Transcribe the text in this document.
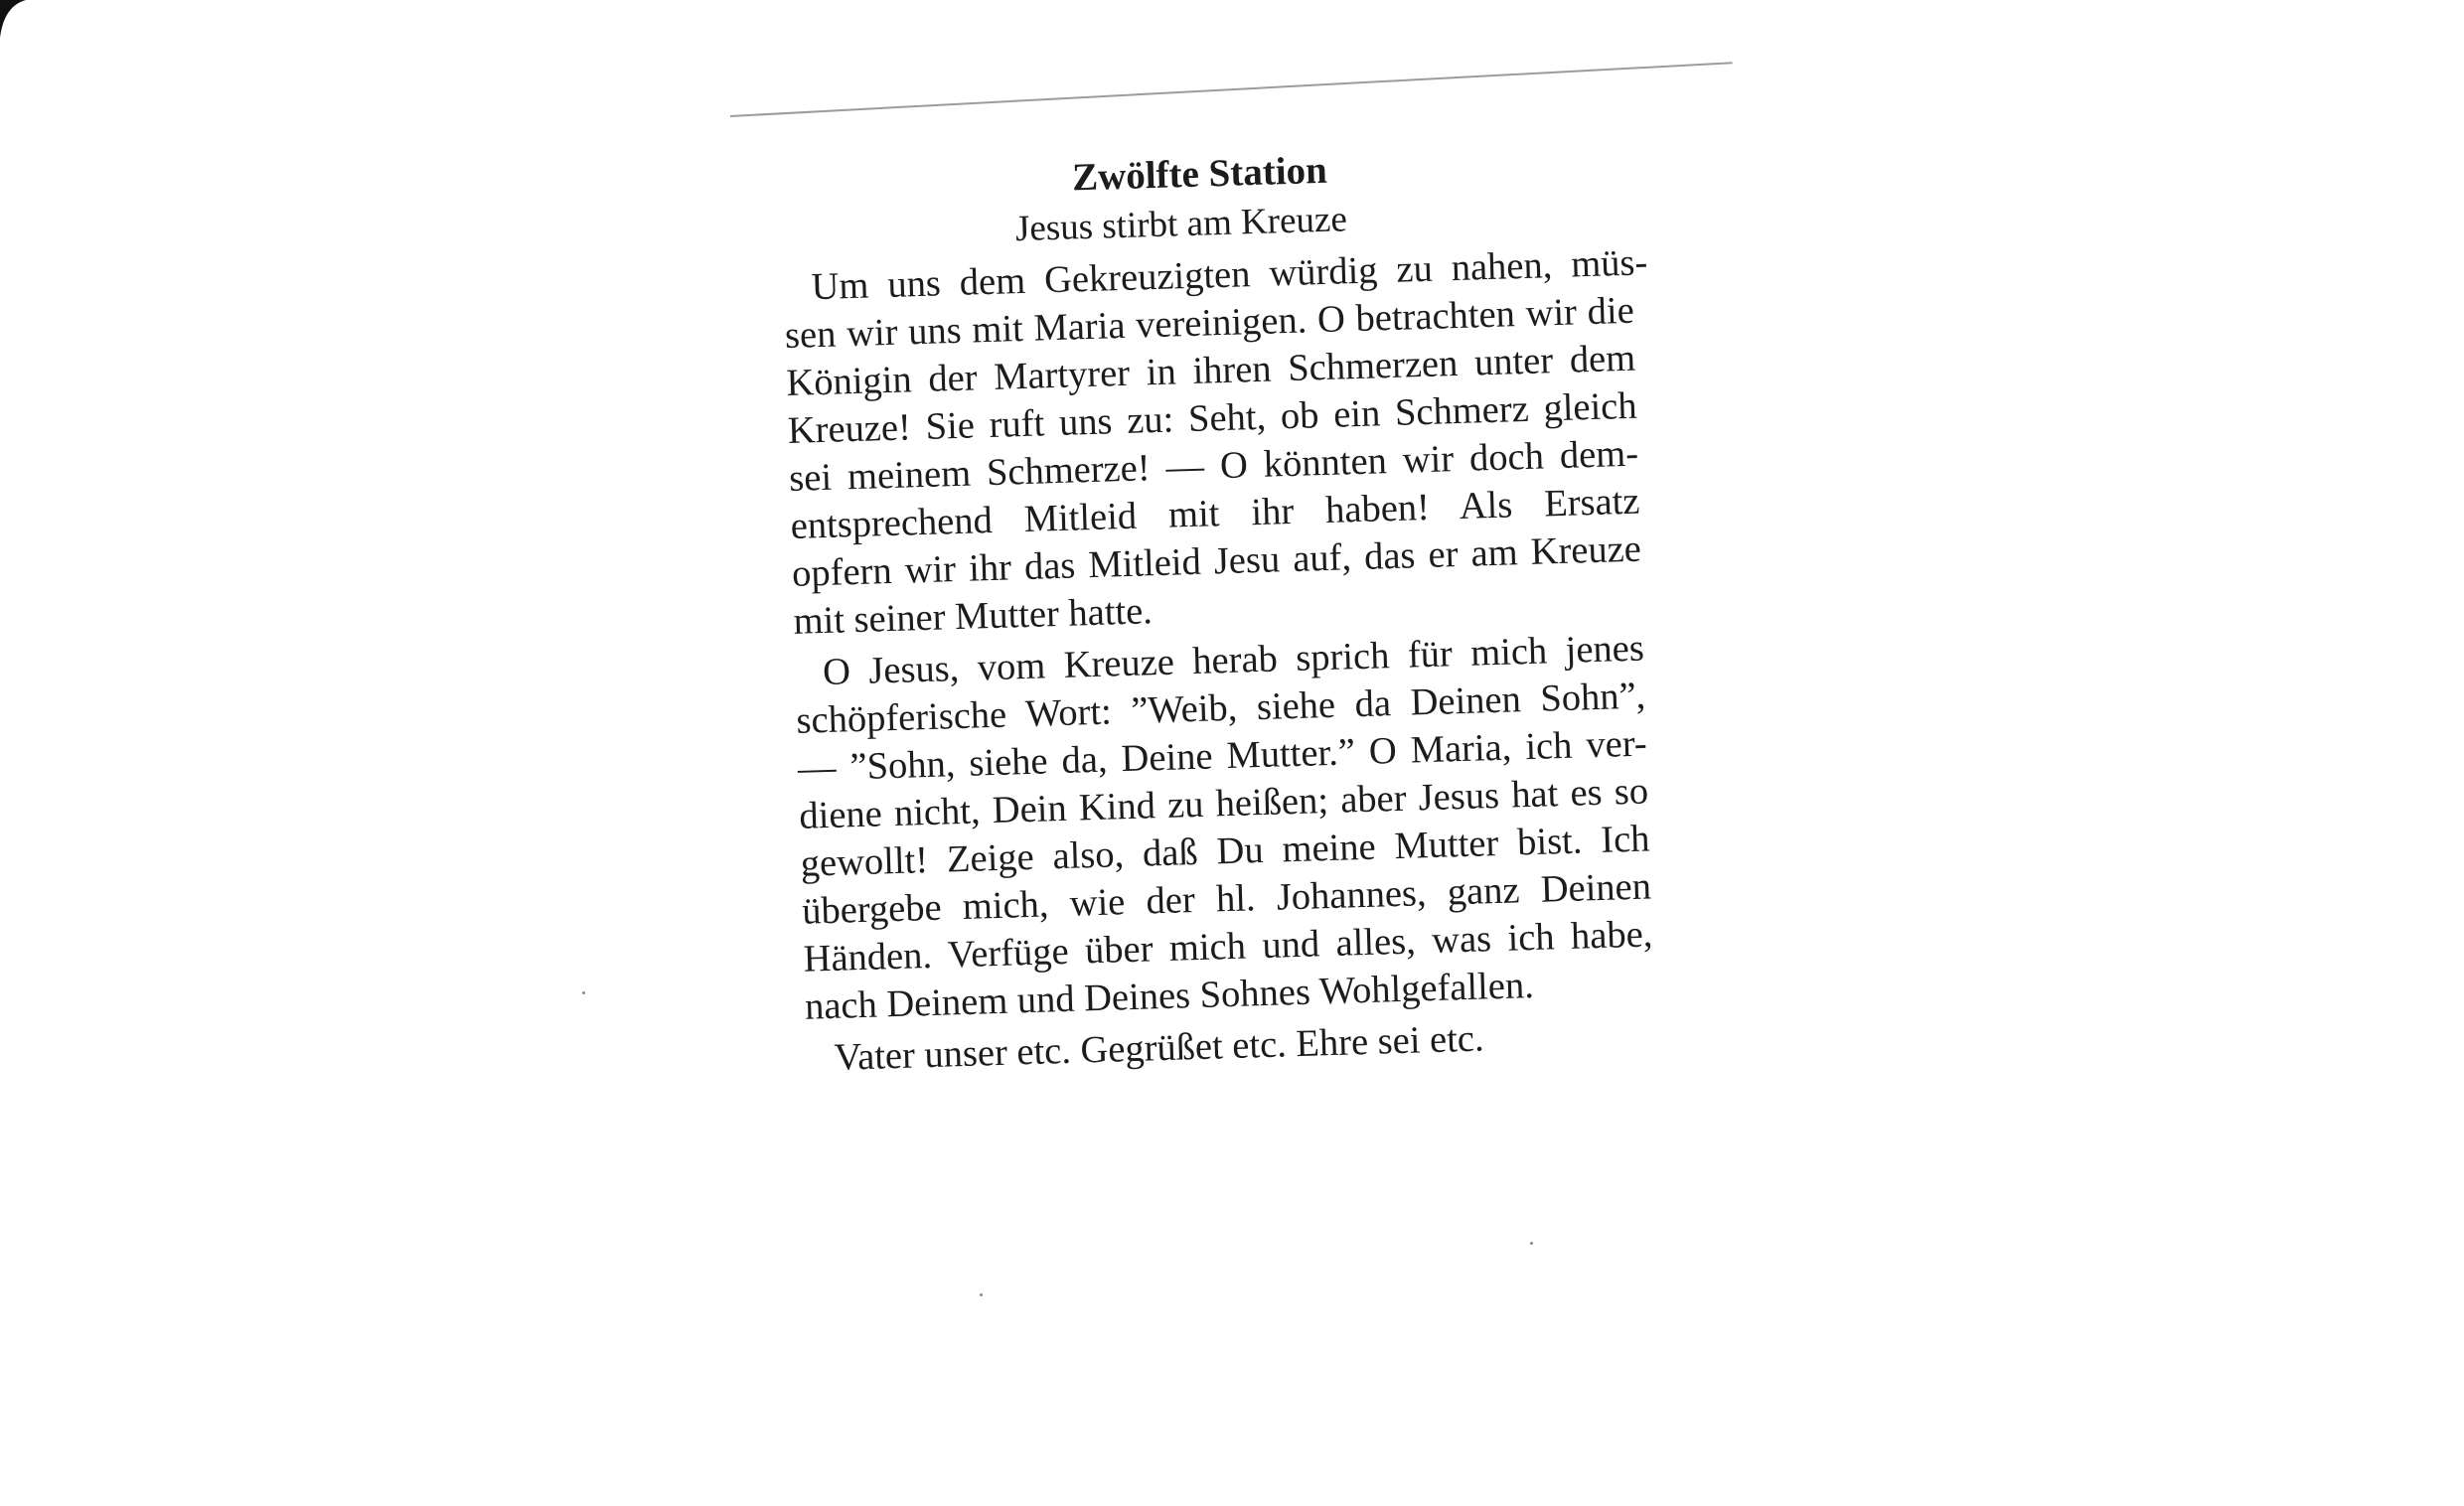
Zwölfte Station
Jesus stirbt am Kreuze
Um uns dem Gekreuzigten würdig zu nahen, müs-
sen wir uns mit Maria vereinigen. O betrachten wir die
Königin der Martyrer in ihren Schmerzen unter dem
Kreuze! Sie ruft uns zu: Seht, ob ein Schmerz gleich
sei meinem Schmerze! — O könnten wir doch dem-
entsprechend Mitleid mit ihr haben! Als Ersatz
opfern wir ihr das Mitleid Jesu auf, das er am Kreuze
mit seiner Mutter hatte.
O Jesus, vom Kreuze herab sprich für mich jenes
schöpferische Wort: ”Weib, siehe da Deinen Sohn”,
— ”Sohn, siehe da, Deine Mutter.” O Maria, ich ver-
diene nicht, Dein Kind zu heißen; aber Jesus hat es so
gewollt! Zeige also, daß Du meine Mutter bist. Ich
übergebe mich, wie der hl. Johannes, ganz Deinen
Händen. Verfüge über mich und alles, was ich habe,
nach Deinem und Deines Sohnes Wohlgefallen.
Vater unser etc. Gegrüßet etc. Ehre sei etc.
